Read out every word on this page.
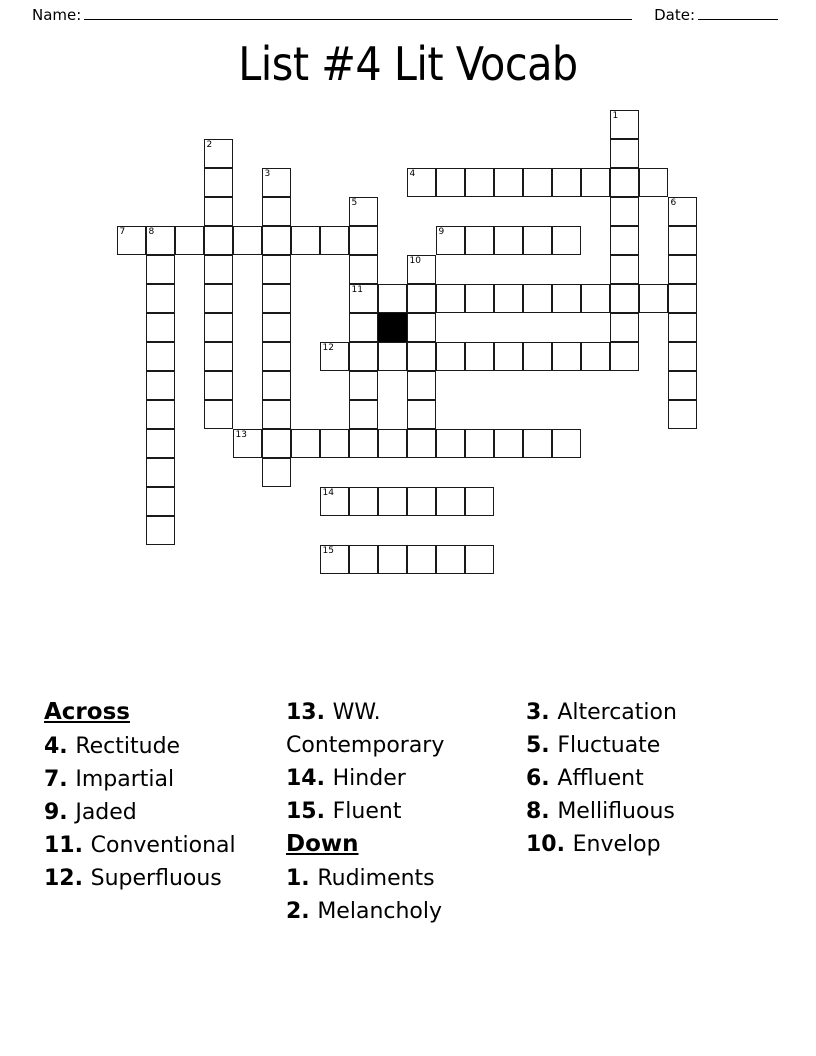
Name:	Date:
List #4 Lit Vocab
1
2
3	4
5
11
6
7	8	9
10
12
13
14
15
Across
4. Rectitude
7. Impartial
9. Jaded
11. Conventional
12. Superfluous
13. WW. Contemporary
14. Hinder
15. Fluent
Down
1. Rudiments
2. Melancholy
3. Altercation
5. Fluctuate
6. Affluent
8. Mellifluous
10. Envelop
